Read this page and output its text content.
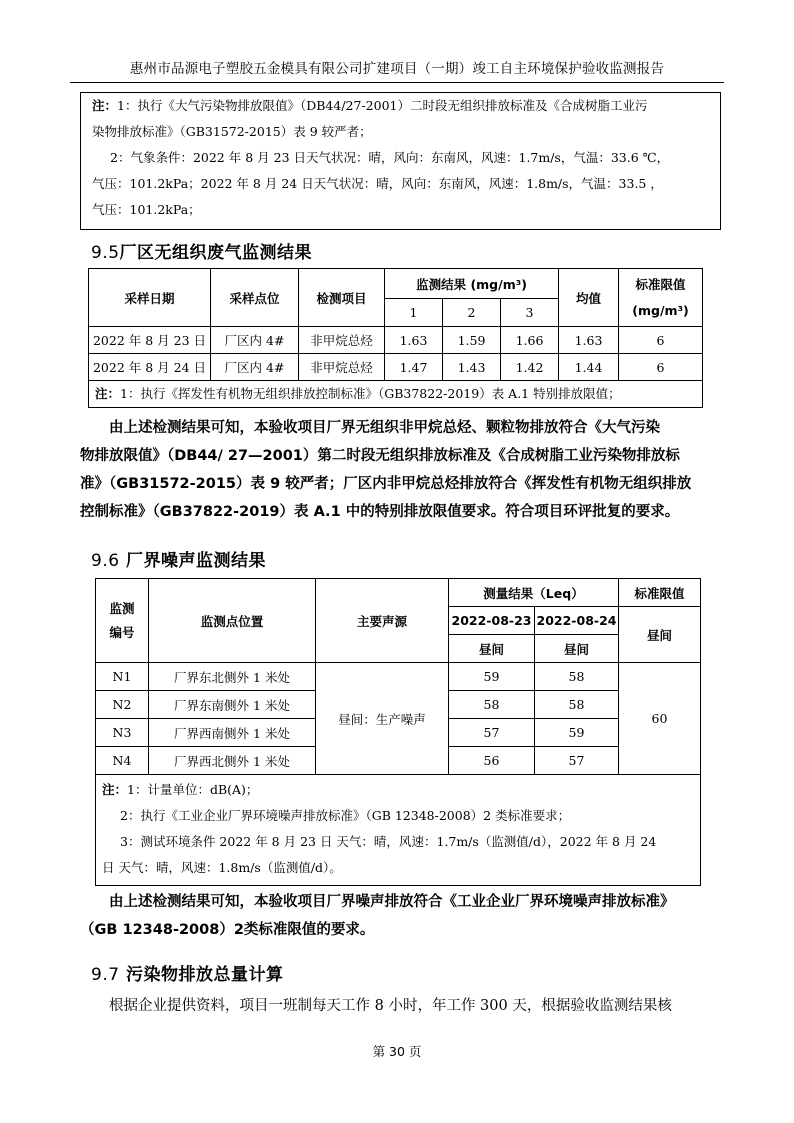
惠州市品源电子塑胶五金模具有限公司扩建项目（一期）竣工自主环境保护验收监测报告
注：1：执行《大气污染物排放限值》（DB44/27-2001）二时段无组织排放标准及《合成树脂工业污
染物排放标准》（GB31572-2015）表 9 较严者；
2：气象条件：2022 年 8 月 23 日天气状况：晴，风向：东南风，风速：1.7m/s，气温：33.6 ℃，
气压：101.2kPa；2022 年 8 月 24 日天气状况：晴，风向：东南风，风速：1.8m/s，气温：33.5 ，
气压：101.2kPa；
9.5厂区无组织废气监测结果
采样日期	采样点位	检测项目	监测结果 (mg/m³)			均值	标准限值
(mg/m³)

			1	2	3		
2022 年 8 月 23 日	厂区内 4#	非甲烷总烃	1.63	1.59	1.66	1.63	6
2022 年 8 月 24 日	厂区内 4#	非甲烷总烃	1.47	1.43	1.42	1.44	6
注：1：执行《挥发性有机物无组织排放控制标准》（GB37822-2019）表 A.1 特别排放限值；							
由上述检测结果可知，本验收项目厂界无组织非甲烷总烃、颗粒物排放符合《大气污染
物排放限值》（DB44/ 27—2001）第二时段无组织排放标准及《合成树脂工业污染物排放标
准》（GB31572-2015）表 9 较严者；厂区内非甲烷总烃排放符合《挥发性有机物无组织排放
控制标准》（GB37822-2019）表 A.1 中的特别排放限值要求。符合项目环评批复的要求。
9.6 厂界噪声监测结果
监测
编号	监测点位置	主要声源	测量结果（Leq）		标准限值
			2022-08-23	2022-08-24	昼间
			昼间	昼间	
N1	厂界东北侧外 1 米处	昼间：生产噪声	59	58	60
N2	厂界东南侧外 1 米处		58	58	
N3	厂界西南侧外 1 米处		57	59	
N4	厂界西北侧外 1 米处		56	57	

注：1：计量单位：dB(A)；
2：执行《工业企业厂界环境噪声排放标准》（GB 12348-2008）2 类标准要求；
3：测试环境条件 2022 年 8 月 23 日 天气：晴，风速：1.7m/s（监测值/d），2022 年 8 月 24
日 天气：晴，风速：1.8m/s（监测值/d）。					
由上述检测结果可知，本验收项目厂界噪声排放符合《工业企业厂界环境噪声排放标准》
（GB 12348-2008）2类标准限值的要求。
9.7 污染物排放总量计算
根据企业提供资料，项目一班制每天工作 8 小时，年工作 300 天，根据验收监测结果核
第 30 页
